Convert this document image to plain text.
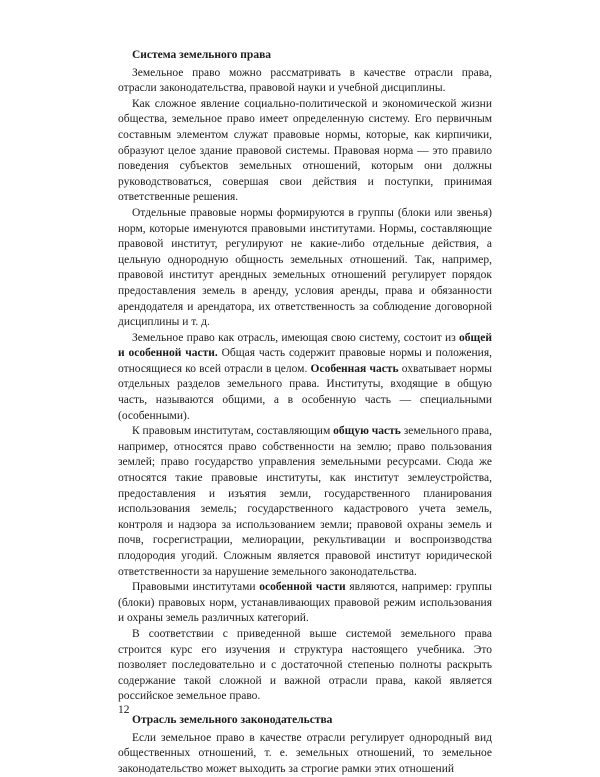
Система земельного права

Земельное право можно рассматривать в качестве отрасли права, отрасли законодательства, правовой науки и учебной дисциплины.

Как сложное явление социально-политической и экономической жизни общества, земельное право имеет определенную систему. Его первичным составным элементом служат правовые нормы, которые, как кирпичики, образуют целое здание правовой системы. Правовая норма — это правило поведения субъектов земельных отношений, которым они должны руководствоваться, совершая свои действия и поступки, принимая ответственные решения.

Отдельные правовые нормы формируются в группы (блоки или звенья) норм, которые именуются правовыми институтами. Нормы, составляющие правовой институт, регулируют не какие-либо отдельные действия, а цельную однородную общность земельных отношений. Так, например, правовой институт арендных земельных отношений регулирует порядок предоставления земель в аренду, условия аренды, права и обязанности арендодателя и арендатора, их ответственность за соблюдение договорной дисциплины и т. д.

Земельное право как отрасль, имеющая свою систему, состоит из общей и особенной части. Общая часть содержит правовые нормы и положения, относящиеся ко всей отрасли в целом. Особенная часть охватывает нормы отдельных разделов земельного права. Институты, входящие в общую часть, называются общими, а в особенную часть — специальными (особенными).

К правовым институтам, составляющим общую часть земельного права, например, относятся право собственности на землю; право пользования землей; право государство управления земельными ресурсами. Сюда же относятся такие правовые институты, как институт землеустройства, предоставления и изъятия земли, государственного планирования использования земель; государственного кадастрового учета земель, контроля и надзора за использованием земли; правовой охраны земель и почв, госрегистрации, мелиорации, рекультивации и воспроизводства плодородия угодий. Сложным является правовой институт юридической ответственности за нарушение земельного законодательства.

Правовыми институтами особенной части являются, например: группы (блоки) правовых норм, устанавливающих правовой режим использования и охраны земель различных категорий.

В соответствии с приведенной выше системой земельного права строится курс его изучения и структура настоящего учебника. Это позволяет последовательно и с достаточной степенью полноты раскрыть содержание такой сложной и важной отрасли права, какой является российское земельное право.

Отрасль земельного законодательства

Если земельное право в качестве отрасли регулирует однородный вид общественных отношений, т. е. земельных отношений, то земельное законодательство может выходить за строгие рамки этих отношений

12
